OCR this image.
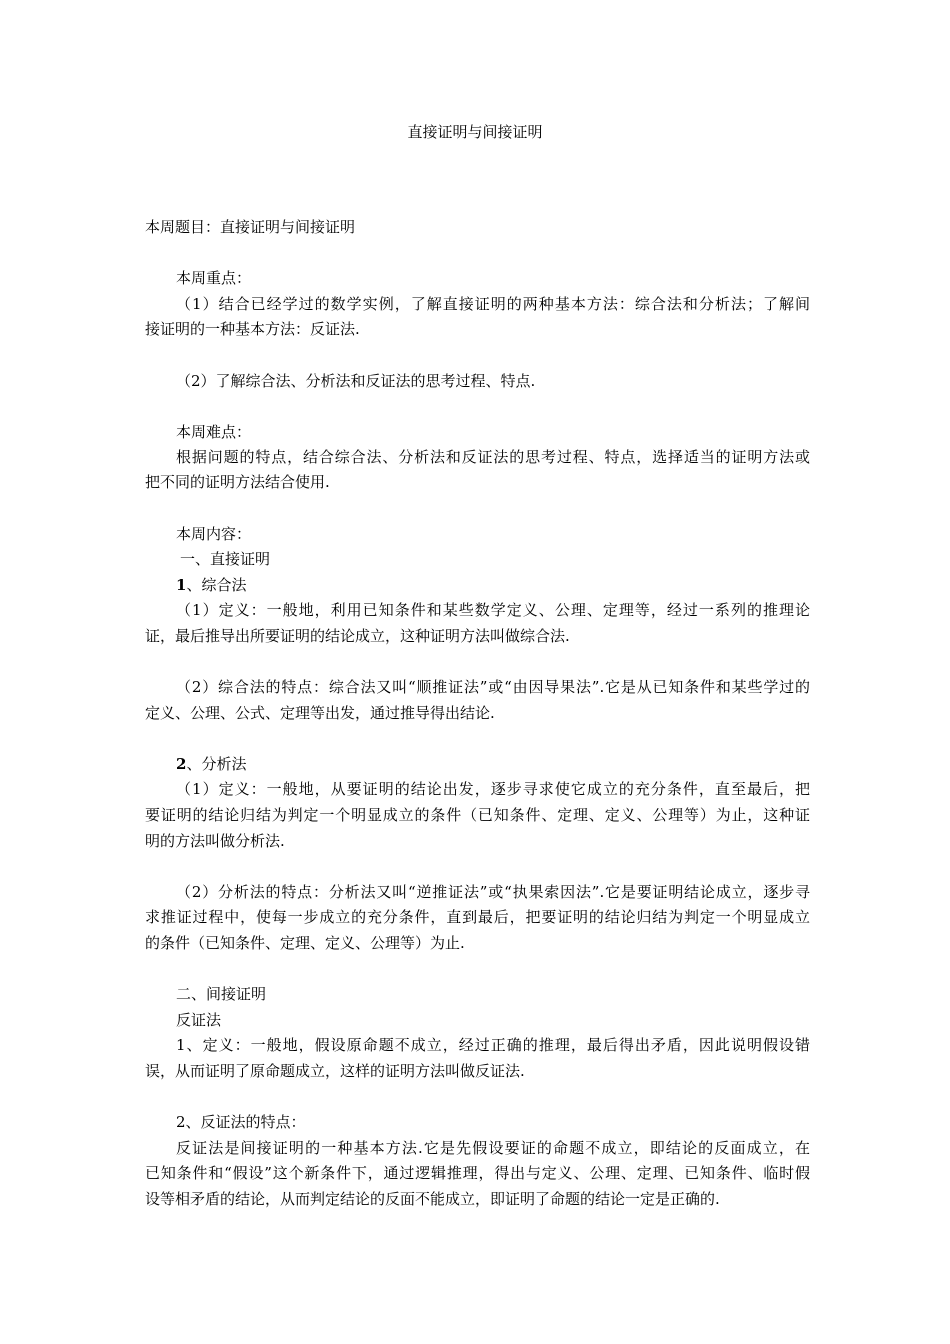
直接证明与间接证明
本周题目：直接证明与间接证明
本周重点：
（1）结合已经学过的数学实例，了解直接证明的两种基本方法：综合法和分析法；了解间
接证明的一种基本方法：反证法.
（2）了解综合法、分析法和反证法的思考过程、特点.
本周难点：
根据问题的特点，结合综合法、分析法和反证法的思考过程、特点，选择适当的证明方法或
把不同的证明方法结合使用.
本周内容：
一、直接证明
1、综合法
（1）定义：一般地，利用已知条件和某些数学定义、公理、定理等，经过一系列的推理论
证，最后推导出所要证明的结论成立，这种证明方法叫做综合法.
（2）综合法的特点：综合法又叫“顺推证法”或“由因导果法”.它是从已知条件和某些学过的
定义、公理、公式、定理等出发，通过推导得出结论.
2、分析法
（1）定义：一般地，从要证明的结论出发，逐步寻求使它成立的充分条件，直至最后，把
要证明的结论归结为判定一个明显成立的条件（已知条件、定理、定义、公理等）为止，这种证
明的方法叫做分析法.
（2）分析法的特点：分析法又叫“逆推证法”或“执果索因法”.它是要证明结论成立，逐步寻
求推证过程中，使每一步成立的充分条件，直到最后，把要证明的结论归结为判定一个明显成立
的条件（已知条件、定理、定义、公理等）为止.
二、间接证明
反证法
1、定义：一般地，假设原命题不成立，经过正确的推理，最后得出矛盾，因此说明假设错
误，从而证明了原命题成立，这样的证明方法叫做反证法.
2、反证法的特点：
反证法是间接证明的一种基本方法.它是先假设要证的命题不成立，即结论的反面成立，在
已知条件和“假设”这个新条件下，通过逻辑推理，得出与定义、公理、定理、已知条件、临时假
设等相矛盾的结论，从而判定结论的反面不能成立，即证明了命题的结论一定是正确的.
